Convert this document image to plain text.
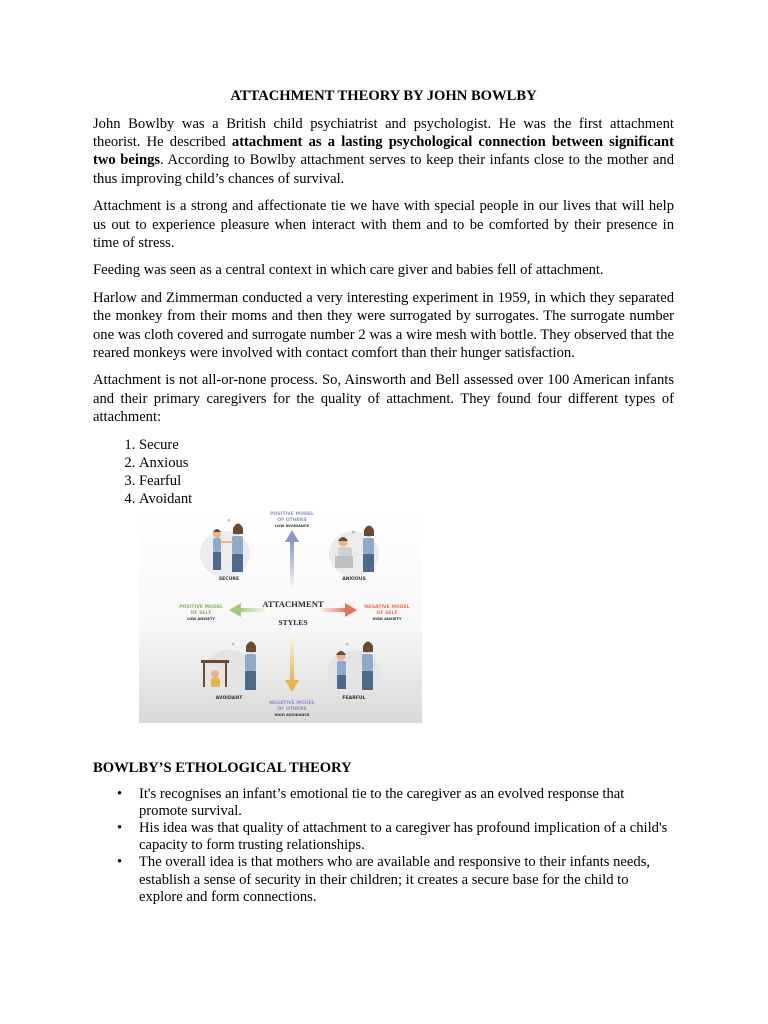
ATTACHMENT THEORY BY JOHN BOWLBY

John Bowlby was a British child psychiatrist and psychologist. He was the first attachment theorist. He described attachment as a lasting psychological connection between significant two beings. According to Bowlby attachment serves to keep their infants close to the mother and thus improving child’s chances of survival.

Attachment is a strong and affectionate tie we have with special people in our lives that will help us out to experience pleasure when interact with them and to be comforted by their presence in time of stress.

Feeding was seen as a central context in which care giver and babies fell of attachment.

Harlow and Zimmerman conducted a very interesting experiment in 1959, in which they separated the monkey from their moms and then they were surrogated by surrogates. The surrogate number one was cloth covered and surrogate number 2 was a wire mesh with bottle. They observed that the reared monkeys were involved with contact comfort than their hunger satisfaction.

Attachment is not all-or-none process. So, Ainsworth and Bell assessed over 100 American infants and their primary caregivers for the quality of attachment. They found four different types of attachment:

1. Secure
2. Anxious
3. Fearful
4. Avoidant
POSITIVE MODEL
OF OTHERS
LOW AVOIDANCE
ATTACHMENT
STYLES
POSITIVE MODEL
OF SELF
LOW ANXIETY
NEGATIVE MODEL
OF SELF
HIGH ANXIETY
NEGATIVE MODEL
OF OTHERS
HIGH AVOIDANCE
✧
SECURE
✧
ANXIOUS
✧
AVOIDANT
✧
FEARFUL
BOWLBY’S ETHOLOGICAL THEORY
• It's recognises an infant’s emotional tie to the caregiver as an evolved response that promote survival.
• His idea was that quality of attachment to a caregiver has profound implication of a child's capacity to form trusting relationships.
• The overall idea is that mothers who are available and responsive to their infants needs, establish a sense of security in their children; it creates a secure base for the child to explore and form connections.
